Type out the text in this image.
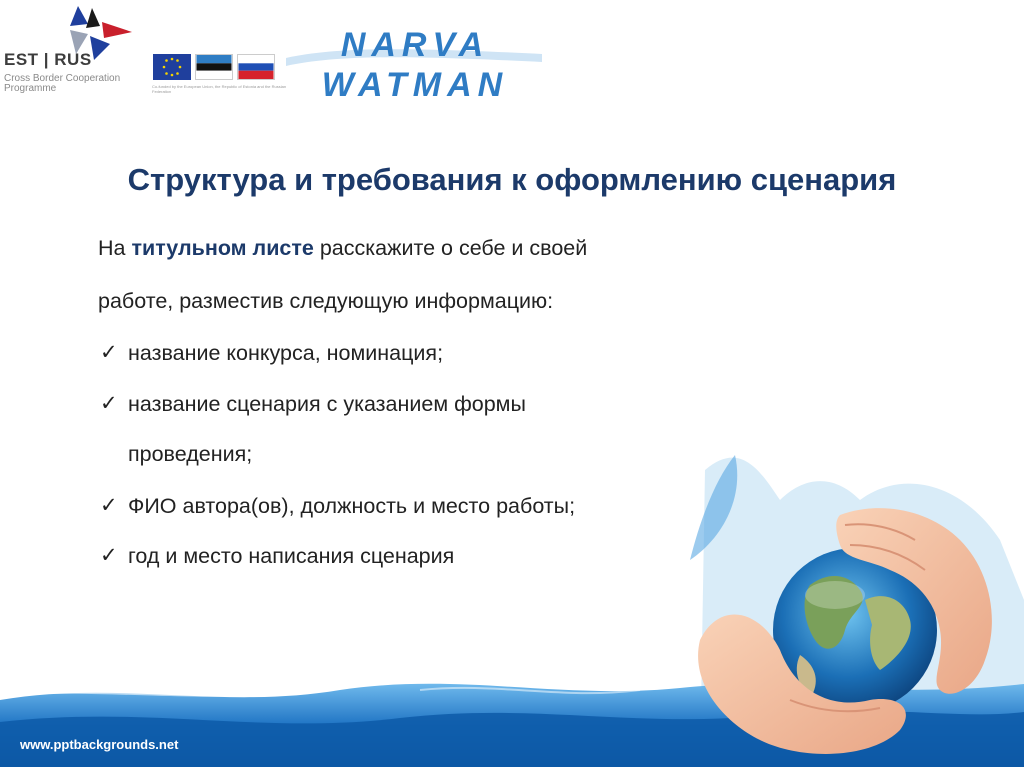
EST | RUS
Cross Border Cooperation Programme	Co-funded by the European Union, the Republic of Estonia and the Russian Federation
NARVA
WATMAN
Структура и требования к оформлению сценария
На титульном листе расскажите о себе и своей
работе, разместив следующую информацию:
✓ название конкурса, номинация;
✓ название сценария с указанием формы
проведения;
✓ ФИО автора(ов), должность и место работы;
✓ год и место написания сценария
www.pptbackgrounds.net
